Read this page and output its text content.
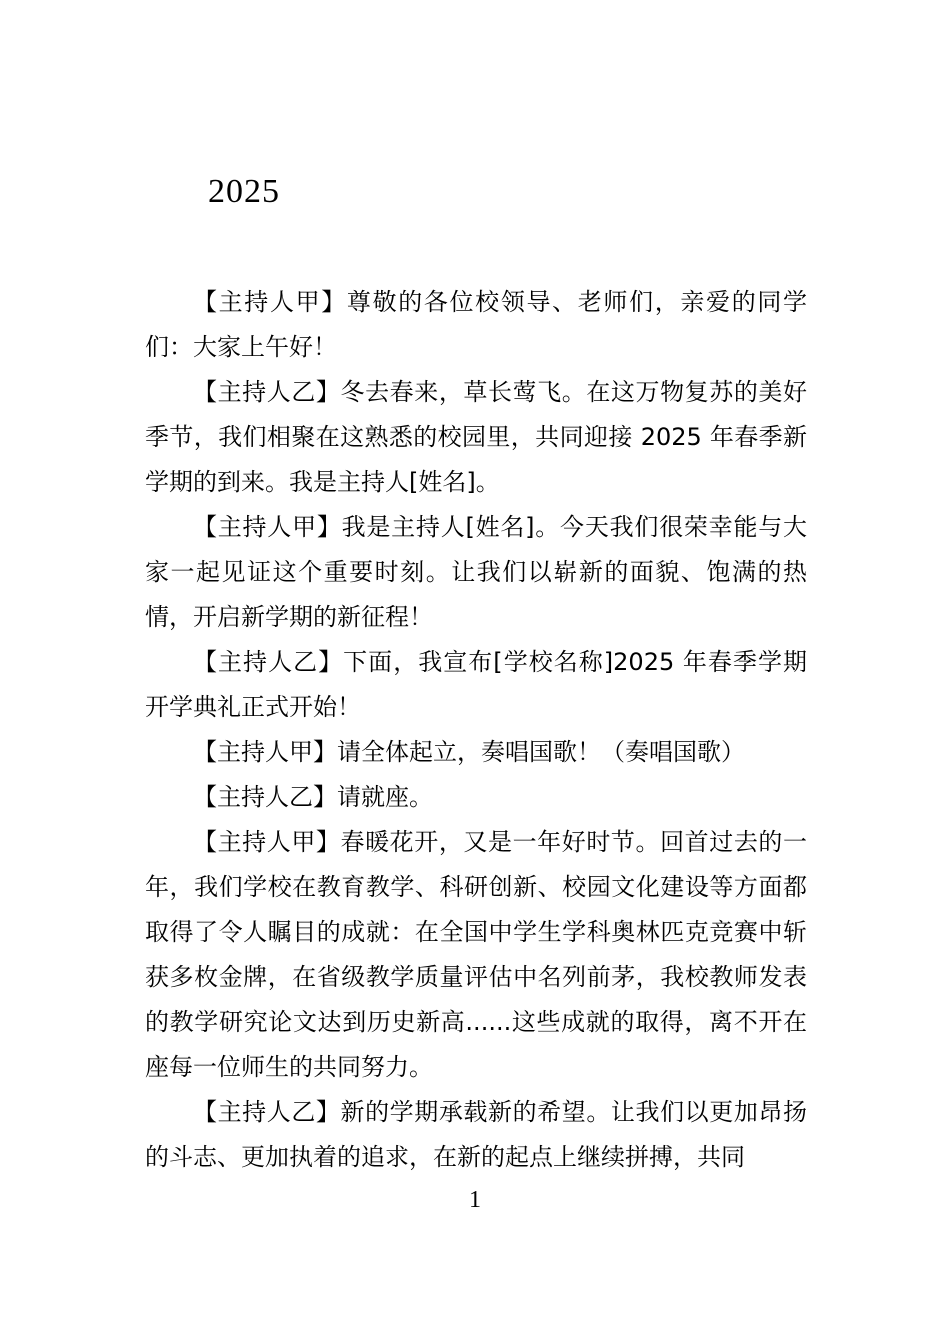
2025

【主持人甲】尊敬的各位校领导、老师们，亲爱的同学们：大家上午好！

【主持人乙】冬去春来，草长莺飞。在这万物复苏的美好季节，我们相聚在这熟悉的校园里，共同迎接 2025 年春季新学期的到来。我是主持人[姓名]。

【主持人甲】我是主持人[姓名]。今天我们很荣幸能与大家一起见证这个重要时刻。让我们以崭新的面貌、饱满的热情，开启新学期的新征程！

【主持人乙】下面，我宣布[学校名称]2025 年春季学期开学典礼正式开始！

【主持人甲】请全体起立，奏唱国歌！（奏唱国歌）

【主持人乙】请就座。

【主持人甲】春暖花开，又是一年好时节。回首过去的一年，我们学校在教育教学、科研创新、校园文化建设等方面都取得了令人瞩目的成就：在全国中学生学科奥林匹克竞赛中斩获多枚金牌，在省级教学质量评估中名列前茅，我校教师发表的教学研究论文达到历史新高......这些成就的取得，离不开在座每一位师生的共同努力。

【主持人乙】新的学期承载新的希望。让我们以更加昂扬的斗志、更加执着的追求，在新的起点上继续拼搏，共同

1
